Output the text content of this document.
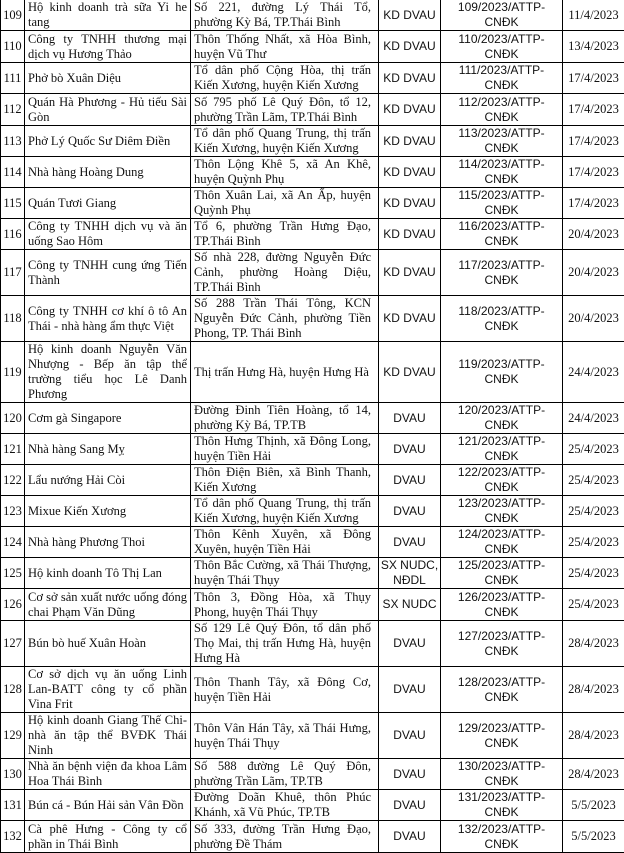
109	Hộ kinh doanh trà sữa Yi he tang	Số 221, đường Lý Thái Tổ, phường Kỳ Bá, TP.Thái Bình	KD DVAU	109/2023/ATTP-CNĐK	11/4/2023
110	Công ty TNHH thương mại dịch vụ Hương Thảo	Thôn Thống Nhất, xã Hòa Bình, huyện Vũ Thư	KD DVAU	110/2023/ATTP-CNĐK	13/4/2023
111	Phở bò Xuân Diệu	Tổ dân phố Cộng Hòa, thị trấn Kiến Xương, huyện Kiến Xương	KD DVAU	111/2023/ATTP-CNĐK	17/4/2023
112	Quán Hà Phương - Hủ tiếu Sài Gòn	Số 795 phố Lê Quý Đôn, tổ 12, phường Trần Lãm, TP.Thái Bình	KD DVAU	112/2023/ATTP-CNĐK	17/4/2023
113	Phở Lý Quốc Sư Diêm Điền	Tổ dân phố Quang Trung, thị trấn Kiến Xương, huyện Kiến Xương	KD DVAU	113/2023/ATTP-CNĐK	17/4/2023
114	Nhà hàng Hoàng Dung	Thôn Lộng Khê 5, xã An Khê, huyện Quỳnh Phụ	KD DVAU	114/2023/ATTP-CNĐK	17/4/2023
115	Quán Tươi Giang	Thôn Xuân Lai, xã An Ấp, huyện Quỳnh Phụ	KD DVAU	115/2023/ATTP-CNĐK	17/4/2023
116	Công ty TNHH dịch vụ và ăn uống Sao Hôm	Tổ 6, phường Trần Hưng Đạo, TP.Thái Bình	KD DVAU	116/2023/ATTP-CNĐK	20/4/2023
117	Công ty TNHH cung ứng Tiến Thành	Số nhà 228, đường Nguyễn Đức Cảnh, phường Hoàng Diệu, TP.Thái Bình	KD DVAU	117/2023/ATTP-CNĐK	20/4/2023
118	Công ty TNHH cơ khí ô tô An Thái - nhà hàng ẩm thực Việt	Số 288 Trần Thái Tông, KCN Nguyễn Đức Cảnh, phường Tiền Phong, TP. Thái Bình	KD DVAU	118/2023/ATTP-CNĐK	20/4/2023
119	Hộ kinh doanh Nguyễn Văn Nhượng - Bếp ăn tập thể trường tiểu học Lê Danh Phương	Thị trấn Hưng Hà, huyện Hưng Hà	KD DVAU	119/2023/ATTP-CNĐK	24/4/2023
120	Cơm gà Singapore	Đường Đinh Tiên Hoàng, tổ 14, phường Kỳ Bá, TP.TB	DVAU	120/2023/ATTP-CNĐK	24/4/2023
121	Nhà hàng Sang Mỵ	Thôn Hưng Thịnh, xã Đông Long, huyện Tiền Hải	DVAU	121/2023/ATTP-CNĐK	25/4/2023
122	Lẩu nướng Hải Còi	Thôn Điện Biên, xã Bình Thanh, Kiến Xương	DVAU	122/2023/ATTP-CNĐK	25/4/2023
123	Mixue Kiến Xương	Tổ dân phố Quang Trung, thị trấn Kiến Xương, huyện Kiến Xương	DVAU	123/2023/ATTP-CNĐK	25/4/2023
124	Nhà hàng Phương Thoi	Thôn Kênh Xuyên, xã Đông Xuyên, huyện Tiền Hải	DVAU	124/2023/ATTP-CNĐK	25/4/2023
125	Hộ kinh doanh Tô Thị Lan	Thôn Bắc Cường, xã Thái Thượng, huyện Thái Thụy	SX NUDC, NĐDL	125/2023/ATTP-CNĐK	25/4/2023
126	Cơ sở sản xuất nước uống đóng chai Phạm Văn Dũng	Thôn 3, Đồng Hòa, xã Thụy Phong, huyện Thái Thụy	SX NUDC	126/2023/ATTP-CNĐK	25/4/2023
127	Bún bò huế Xuân Hoàn	Số 129 Lê Quý Đôn, tổ dân phố Thọ Mai, thị trấn Hưng Hà, huyện Hưng Hà	DVAU	127/2023/ATTP-CNĐK	28/4/2023
128	Cơ sở dịch vụ ăn uống Linh Lan-BATT công ty cổ phần Vina Frit	Thôn Thanh Tây, xã Đông Cơ, huyện Tiền Hải	DVAU	128/2023/ATTP-CNĐK	28/4/2023
129	Hộ kinh doanh Giang Thế Chi-nhà ăn tập thể BVĐK Thái Ninh	Thôn Vân Hán Tây, xã Thái Hưng, huyện Thái Thụy	DVAU	129/2023/ATTP-CNĐK	28/4/2023
130	Nhà ăn bệnh viện đa khoa Lâm Hoa Thái Bình	Số 588 đường Lê Quý Đôn, phường Trần Lãm, TP.TB	DVAU	130/2023/ATTP-CNĐK	28/4/2023
131	Bún cá - Bún Hải sản Vân Đồn	Đường Doãn Khuê, thôn Phúc Khánh, xã Vũ Phúc, TP.TB	DVAU	131/2023/ATTP-CNĐK	5/5/2023
132	Cà phê Hưng - Công ty cổ phần in Thái Bình	Số 333, đường Trần Hưng Đạo, phường Đề Thám	DVAU	132/2023/ATTP-CNĐK	5/5/2023
